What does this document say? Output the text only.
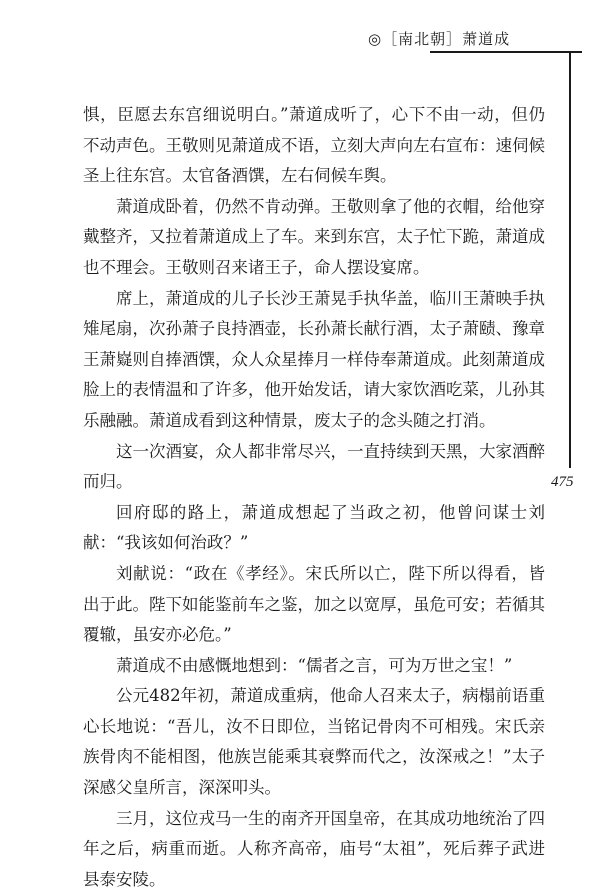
◎［南北朝］萧道成
475

惧，臣愿去东宫细说明白。”萧道成听了，心下不由一动，但仍不动声色。王敬则见萧道成不语，立刻大声向左右宣布：速伺候圣上往东宫。太官备酒馔，左右伺候车舆。

萧道成卧着，仍然不肯动弹。王敬则拿了他的衣帽，给他穿戴整齐，又拉着萧道成上了车。来到东宫，太子忙下跪，萧道成也不理会。王敬则召来诸王子，命人摆设宴席。

席上，萧道成的儿子长沙王萧晃手执华盖，临川王萧映手执雉尾扇，次孙萧子良持酒壶，长孙萧长献行酒，太子萧赜、豫章王萧嶷则自捧酒馔，众人众星捧月一样侍奉萧道成。此刻萧道成脸上的表情温和了许多，他开始发话，请大家饮酒吃菜，儿孙其乐融融。萧道成看到这种情景，废太子的念头随之打消。

这一次酒宴，众人都非常尽兴，一直持续到天黑，大家酒醉而归。

回府邸的路上，萧道成想起了当政之初，他曾问谋士刘献：“我该如何治政？”

刘献说：“政在《孝经》。宋氏所以亡，陛下所以得看，皆出于此。陛下如能鉴前车之鉴，加之以宽厚，虽危可安；若循其覆辙，虽安亦必危。”

萧道成不由感慨地想到：“儒者之言，可为万世之宝！”

公元482年初，萧道成重病，他命人召来太子，病榻前语重心长地说：“吾儿，汝不日即位，当铭记骨肉不可相残。宋氏亲族骨肉不能相图，他族岂能乘其衰弊而代之，汝深戒之！”太子深感父皇所言，深深叩头。

三月，这位戎马一生的南齐开国皇帝，在其成功地统治了四年之后，病重而逝。人称齐高帝，庙号“太祖”，死后葬子武进县泰安陵。
